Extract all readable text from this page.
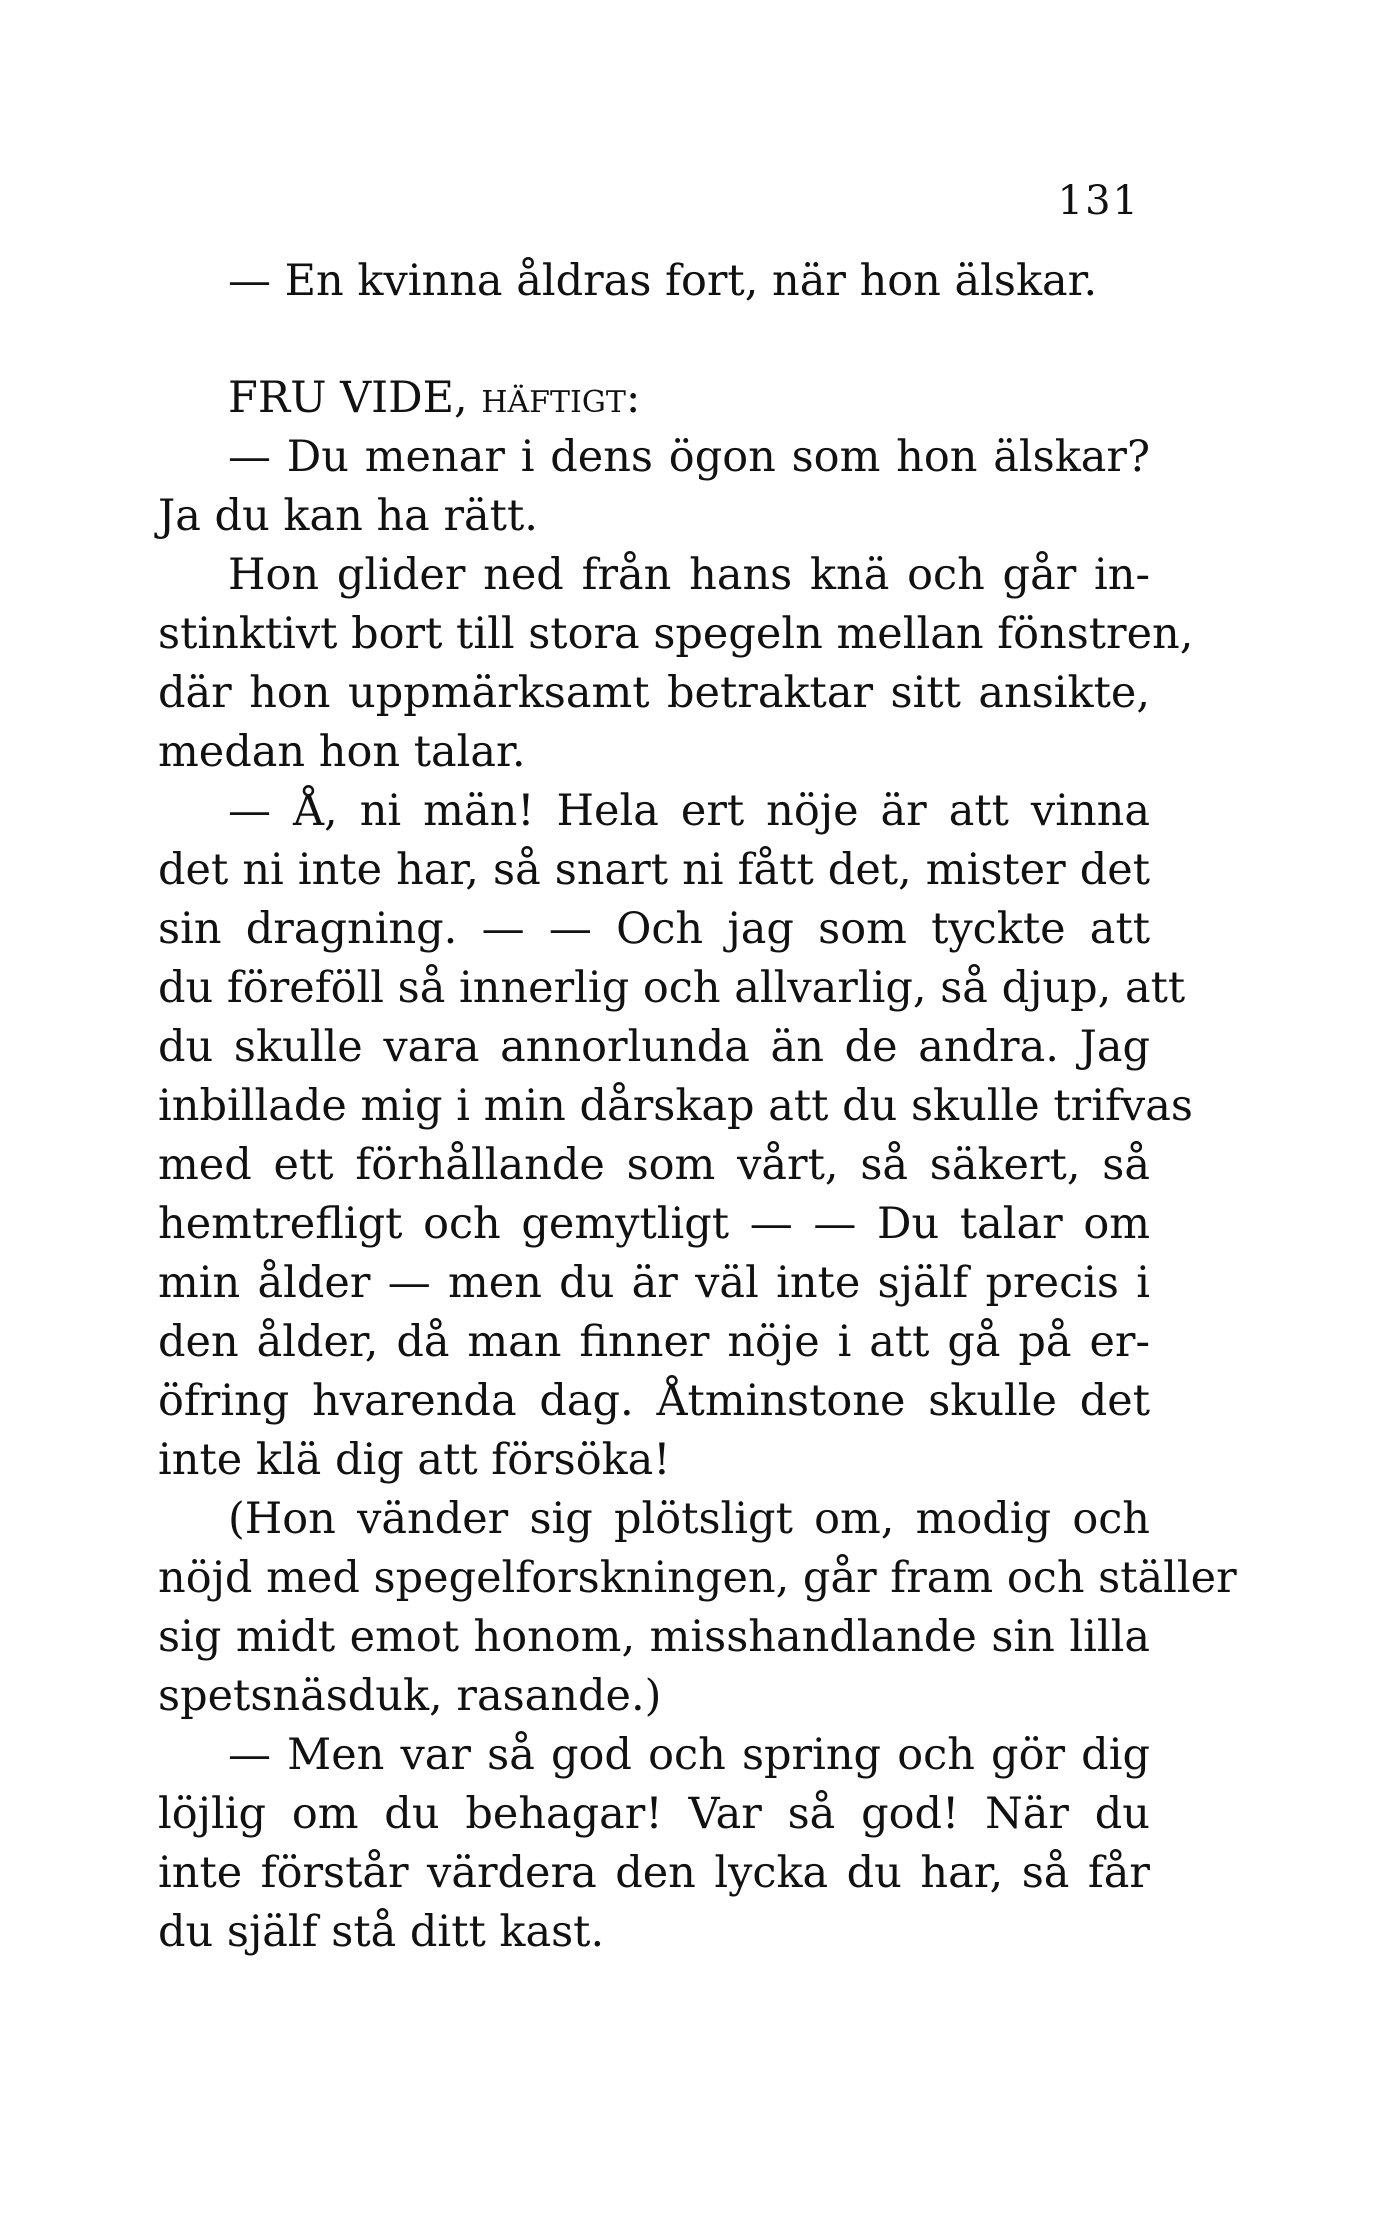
131
— En kvinna åldras fort, när hon älskar.
FRU VIDE, häftigt:
— Du menar i dens ögon som hon älskar?
Ja du kan ha rätt.
Hon glider ned från hans knä och går in-
stinktivt bort till stora spegeln mellan fönstren,
där hon uppmärksamt betraktar sitt ansikte,
medan hon talar.
— Å, ni män! Hela ert nöje är att vinna
det ni inte har, så snart ni fått det, mister det
sin dragning. — — Och jag som tyckte att
du föreföll så innerlig och allvarlig, så djup, att
du skulle vara annorlunda än de andra. Jag
inbillade mig i min dårskap att du skulle trifvas
med ett förhållande som vårt, så säkert, så
hemtrefligt och gemytligt — — Du talar om
min ålder — men du är väl inte själf precis i
den ålder, då man finner nöje i att gå på er-
öfring hvarenda dag. Åtminstone skulle det
inte klä dig att försöka!
(Hon vänder sig plötsligt om, modig och
nöjd med spegelforskningen, går fram och ställer
sig midt emot honom, misshandlande sin lilla
spetsnäsduk, rasande.)
— Men var så god och spring och gör dig
löjlig om du behagar! Var så god! När du
inte förstår värdera den lycka du har, så får
du själf stå ditt kast.
